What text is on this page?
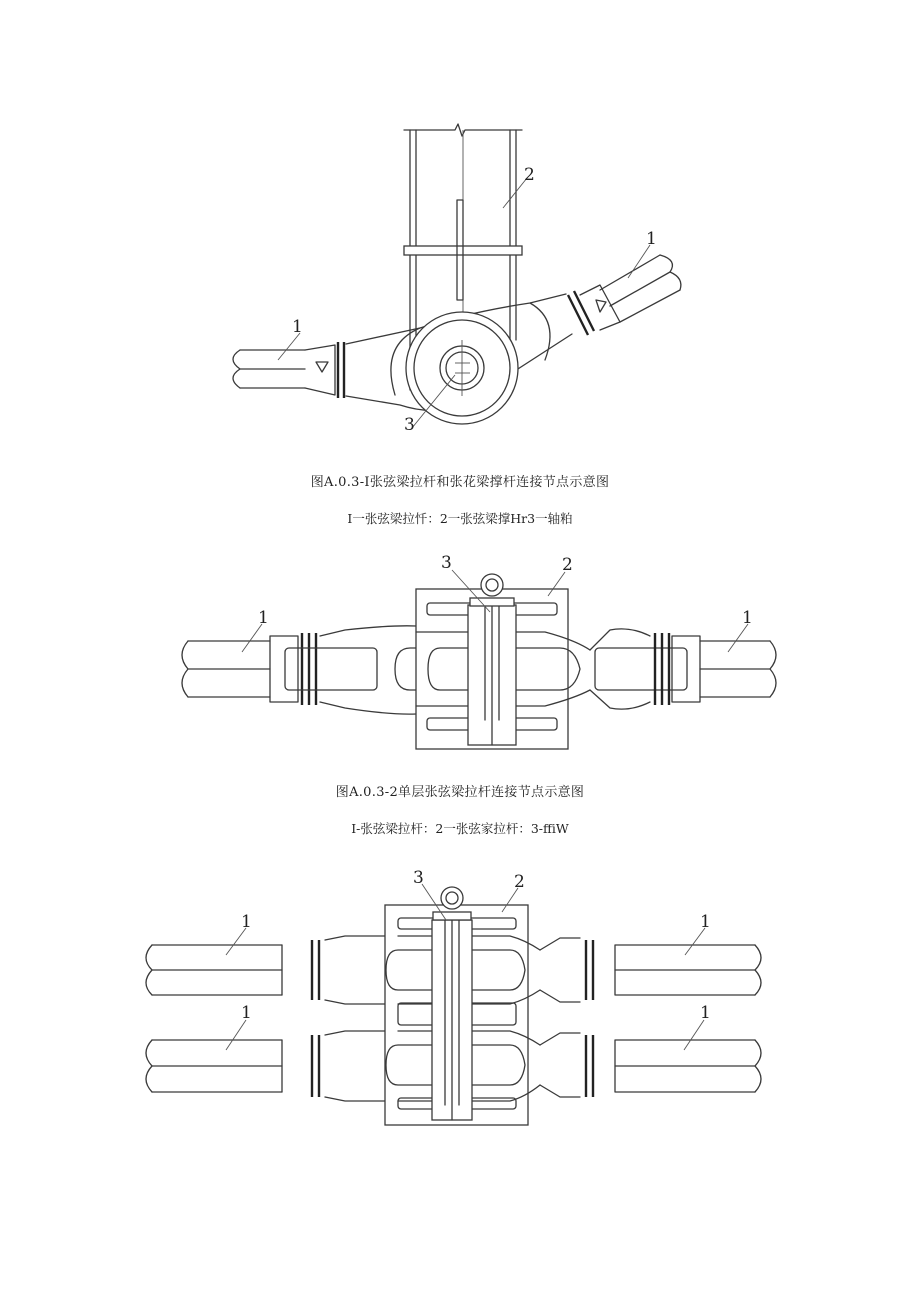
1
2
1
3
图A.0.3-I张弦梁拉杆和张花梁撑杆连接节点示意图
I一张弦梁拉忏：2一张弦梁撑Hr3一轴粕
1	1
2
3
图A.0.3-2单层张弦梁拉杆连接节点示意图
I-张弦梁拉杆：2一张弦家拉杆：3-ffiW
1
1
1
1
2
3
